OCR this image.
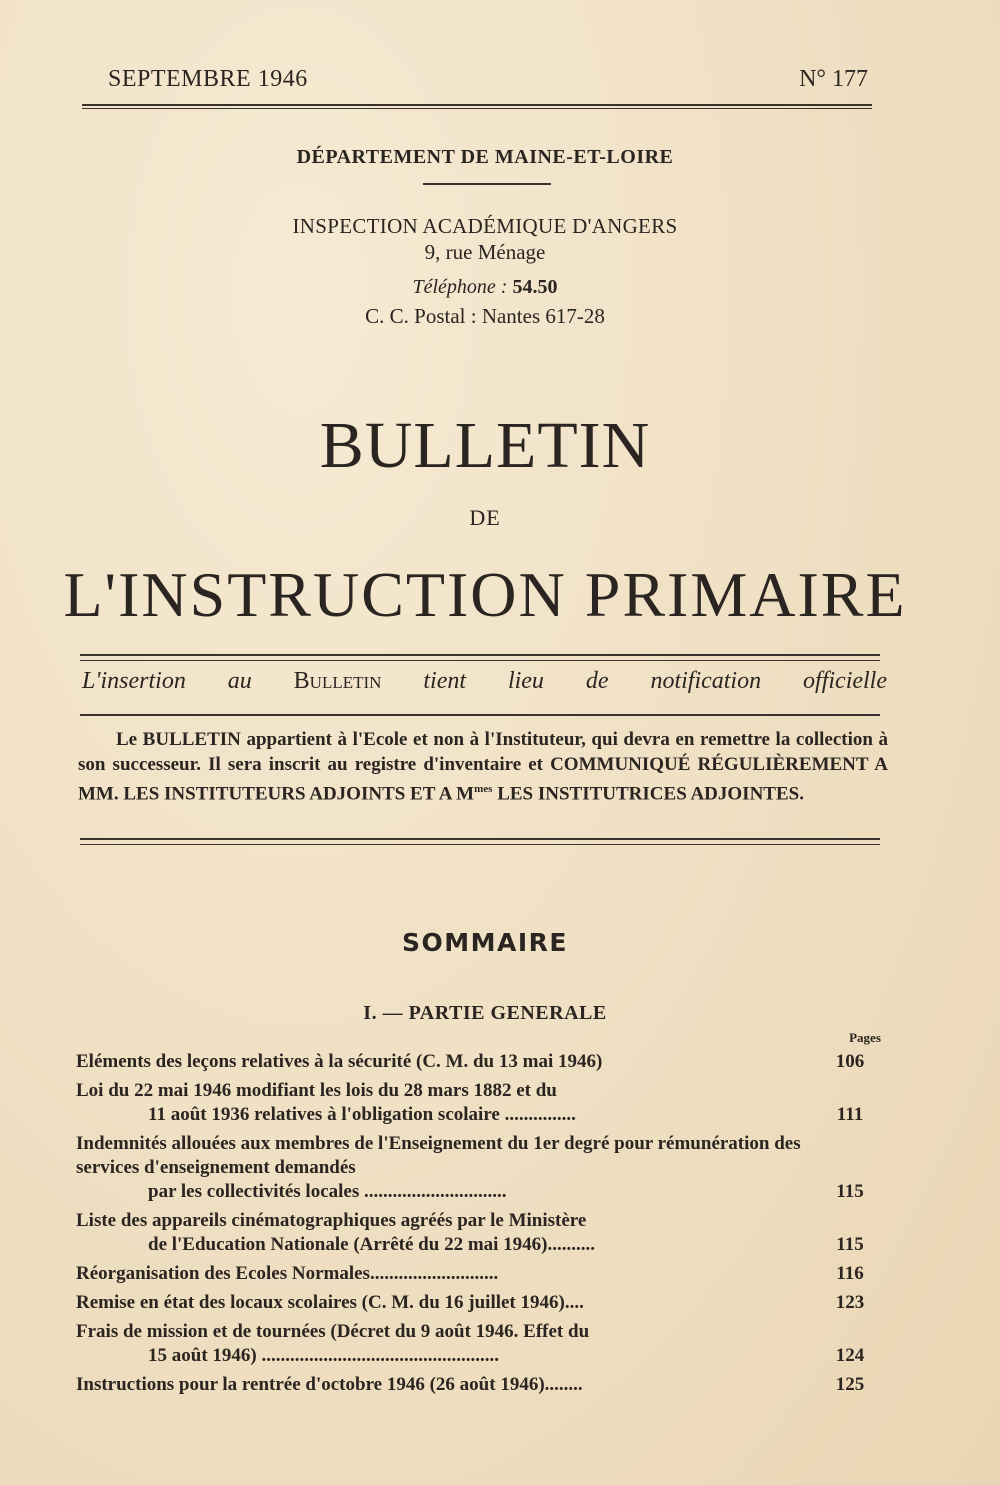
SEPTEMBRE 1946	N° 177
DÉPARTEMENT DE MAINE-ET-LOIRE
INSPECTION ACADÉMIQUE D'ANGERS
9, rue Ménage
Téléphone : 54.50
C. C. Postal : Nantes 617-28
BULLETIN
DE
L'INSTRUCTION PRIMAIRE
L'insertion au Bulletin tient lieu de notification officielle
Le BULLETIN appartient à l'Ecole et non à l'Instituteur, qui devra en remettre la collection à son successeur. Il sera inscrit au registre d'inventaire et COMMUNIQUÉ RÉGULIÈREMENT A MM. LES INSTITUTEURS ADJOINTS ET A $M^{mes}$ LES INSTITUTRICES ADJOINTES.
SOMMAIRE
I. — PARTIE GENERALE
Pages
Eléments des leçons relatives à la sécurité (C. M. du 13 mai 1946)	106
Loi du 22 mai 1946 modifiant les lois du 28 mars 1882 et du
11 août 1936 relatives à l'obligation scolaire ...............	111
Indemnités allouées aux membres de l'Enseignement du 1er degré pour rémunération des services d'enseignement demandés
par les collectivités locales ..............................	115
Liste des appareils cinématographiques agréés par le Ministère
de l'Education Nationale (Arrêté du 22 mai 1946)..........	115
Réorganisation des Ecoles Normales...........................	116
Remise en état des locaux scolaires (C. M. du 16 juillet 1946)....	123
Frais de mission et de tournées (Décret du 9 août 1946. Effet du
15 août 1946) ..................................................	124
Instructions pour la rentrée d'octobre 1946 (26 août 1946)........	125
